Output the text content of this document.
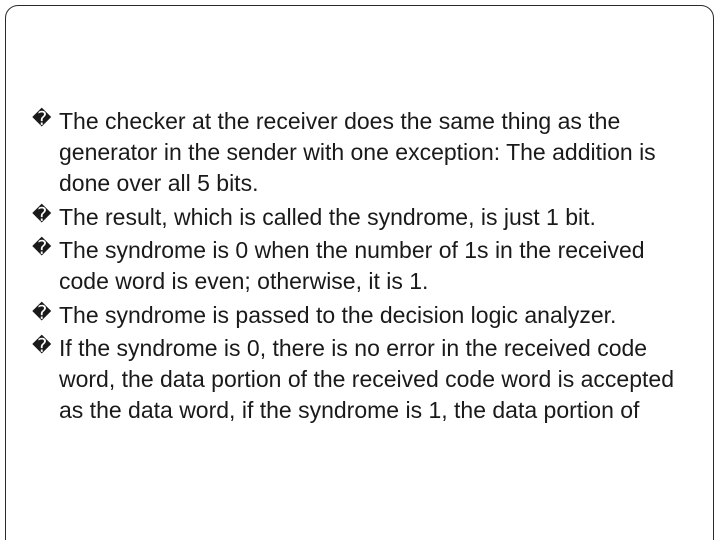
� The checker at the receiver does the same thing as the generator in the sender with one exception: The addition is done over all 5 bits.
� The result, which is called the syndrome, is just 1 bit.
� The syndrome is 0 when the number of 1s in the received code word is even; otherwise, it is 1.
� The syndrome is passed to the decision logic analyzer.
� If the syndrome is 0, there is no error in the received code word, the data portion of the received code word is accepted as the data word, if the syndrome is 1, the data portion of
